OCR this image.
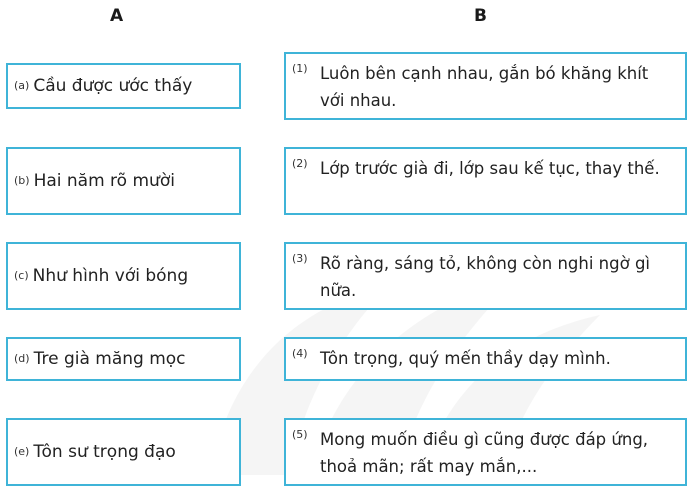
A	B
(a) Cầu được ước thấy
(b) Hai năm rõ mười
(c) Như hình với bóng
(d) Tre già măng mọc
(e) Tôn sư trọng đạo
(1) Luôn bên cạnh nhau, gắn bó khăng khít với nhau.
(2) Lớp trước già đi, lớp sau kế tục, thay thế.
(3) Rõ ràng, sáng tỏ, không còn nghi ngờ gì nữa.
(4) Tôn trọng, quý mến thầy dạy mình.
(5) Mong muốn điều gì cũng được đáp ứng, thoả mãn; rất may mắn,...
